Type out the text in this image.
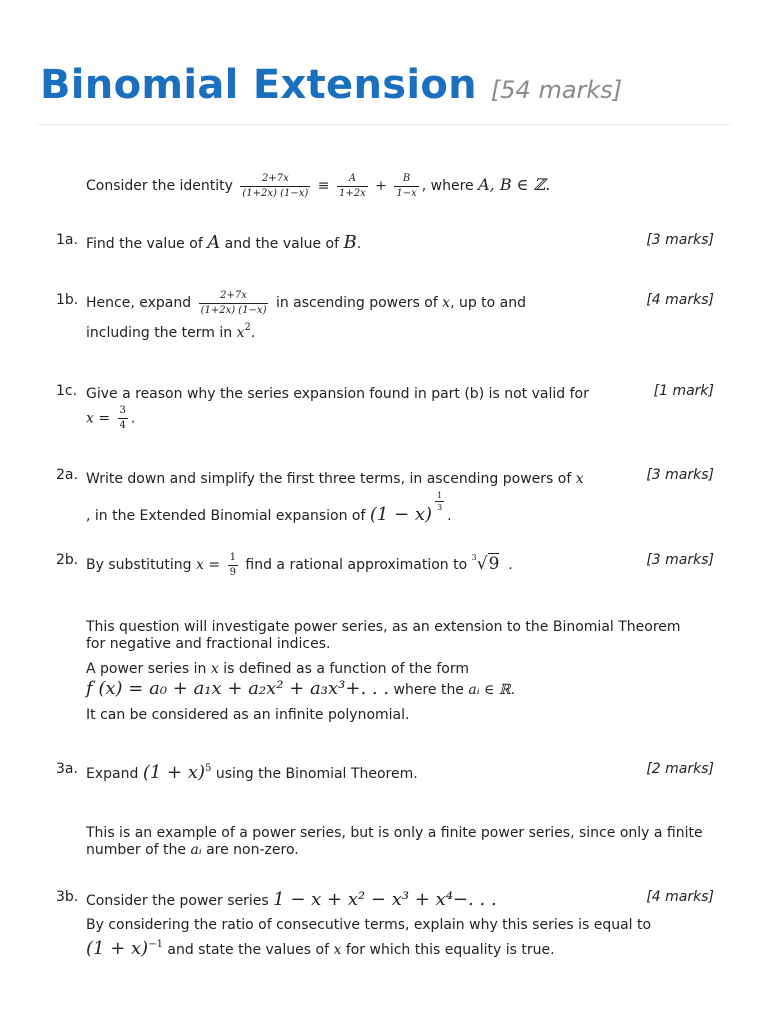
Binomial Extension [54 marks]
Consider the identity $\frac{2+7x}{(1+2x) (1-x)} \equiv \frac{A}{1+2x} + \frac{B}{1-x}$ , where A, B ∈ ℤ.
1a. Find the value of A and the value of B.	[3 marks]
1b. Hence, expand $\frac{2+7x}{(1+2x) (1-x)}$ in ascending powers of x, up to and
including the term in $x^2$.
[4 marks]
1c. Give a reason why the series expansion found in part (b) is not valid for
$x = \frac{3}{4}$ .
[1 mark]
2a. Write down and simplify the first three terms, in ascending powers of x
, in the Extended Binomial expansion of (1 − x)
$^{\frac{1}{3}}$
.
[3 marks]
2b. By substituting $x = \frac{1}{9}$ find a rational approximation to $^3$√9 .	[3 marks]
This question will investigate power series, as an extension to the Binomial Theorem for negative and fractional indices.
A power series in x is defined as a function of the form
f (x) = a₀ + a₁x + a₂x² + a₃x³+. . . where the aᵢ ∈ ℝ.
It can be considered as an infinite polynomial.
3a. Expand $(1 + x)^5$ using the Binomial Theorem.	[2 marks]
This is an example of a power series, but is only a finite power series, since only a finite number of the aᵢ are non-zero.
3b. Consider the power series 1 − x + x² − x³ + x⁴−. . .
By considering the ratio of consecutive terms, explain why this series is equal to
$(1 + x)^{-1}$ and state the values of x for which this equality is true.
[4 marks]
